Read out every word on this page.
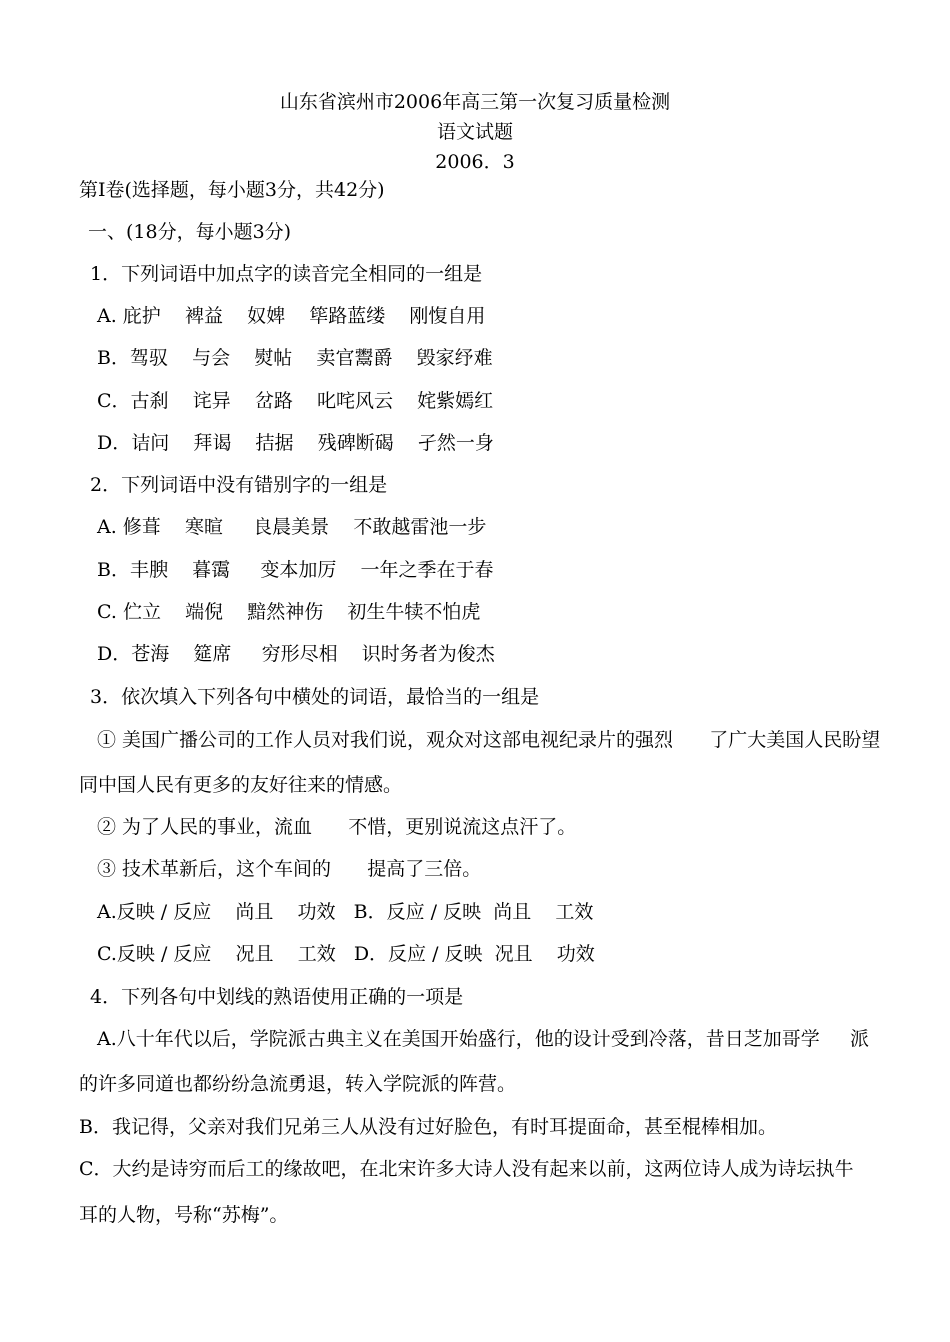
山东省滨州市2006年高三第一次复习质量检测
语文试题
2006．3
第Ⅰ卷(选择题，每小题3分，共42分)
一、(18分，每小题3分)
1．下列词语中加点字的读音完全相同的一组是
A. 庇护    裨益    奴婢    筚路蓝缕    刚愎自用
B．驾驭    与会    熨帖    卖官鬻爵    毁家纾难
C．古刹    诧异    岔路    叱咤风云    姹紫嫣红
D．诘问    拜谒    拮据    残碑断碣    孑然一身
2．下列词语中没有错别字的一组是
A. 修葺    寒暄     良晨美景    不敢越雷池一步
B．丰腴    暮霭     变本加厉    一年之季在于春
C. 伫立    端倪    黯然神伤    初生牛犊不怕虎
D．苍海    筵席     穷形尽相    识时务者为俊杰
3．依次填入下列各句中横处的词语，最恰当的一组是
① 美国广播公司的工作人员对我们说，观众对这部电视纪录片的强烈      了广大美国人民盼望
同中国人民有更多的友好往来的情感。
② 为了人民的事业，流血      不惜，更别说流这点汗了。
③ 技术革新后，这个车间的      提高了三倍。
A.反映 / 反应    尚且    功效   B．反应 / 反映  尚且    工效
C.反映 / 反应    况且    工效   D．反应 / 反映  况且    功效
4．下列各句中划线的熟语使用正确的一项是
A.八十年代以后，学院派古典主义在美国开始盛行，他的设计受到冷落，昔日芝加哥学     派
的许多同道也都纷纷急流勇退，转入学院派的阵营。
B．我记得，父亲对我们兄弟三人从没有过好脸色，有时耳提面命，甚至棍棒相加。
C．大约是诗穷而后工的缘故吧，在北宋许多大诗人没有起来以前，这两位诗人成为诗坛执牛
耳的人物，号称“苏梅”。
